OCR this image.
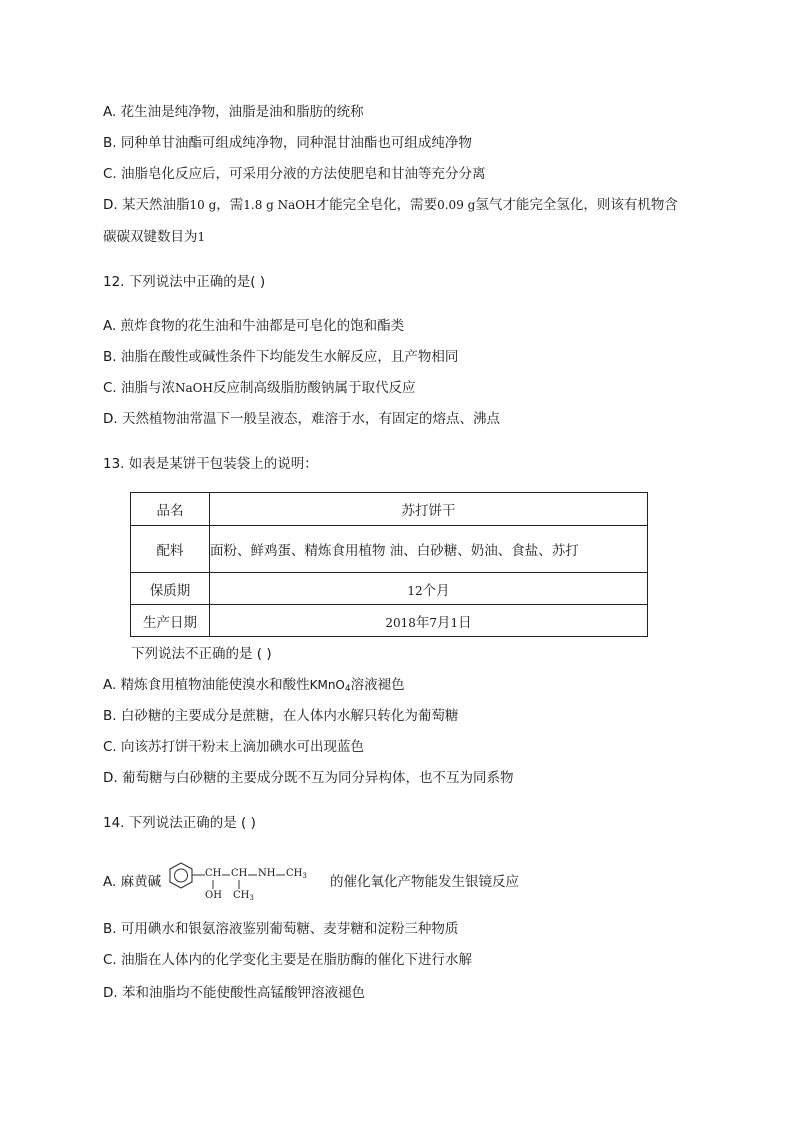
A. 花生油是纯净物，油脂是油和脂肪的统称
B. 同种单甘油酯可组成纯净物，同种混甘油酯也可组成纯净物
C. 油脂皂化反应后，可采用分液的方法使肥皂和甘油等充分分离
D. 某天然油脂10 g，需1.8 g NaOH才能完全皂化，需要0.09 g氢气才能完全氢化，则该有机物含
碳碳双键数目为1
12. 下列说法中正确的是( )
A. 煎炸食物的花生油和牛油都是可皂化的饱和酯类
B. 油脂在酸性或碱性条件下均能发生水解反应，且产物相同
C. 油脂与浓NaOH反应制高级脂肪酸钠属于取代反应
D. 天然植物油常温下一般呈液态，难溶于水，有固定的熔点、沸点
13. 如表是某饼干包装袋上的说明：
品名	苏打饼干
配料	面粉、鲜鸡蛋、精炼食用植物 油、白砂糖、奶油、食盐、苏打
保质期	12个月
生产日期	2018年7月1日
下列说法不正确的是 ( )
A. 精炼食用植物油能使溴水和酸性KMnO$_4$溶液褪色
B. 白砂糖的主要成分是蔗糖，在人体内水解只转化为葡萄糖
C. 向该苏打饼干粉末上滴加碘水可出现蓝色
D. 葡萄糖与白砂糖的主要成分既不互为同分异构体，也不互为同系物
14. 下列说法正确的是 ( )
A. 麻黄碱
CH CH NH $CH_3$
OH $CH_3$
的催化氧化产物能发生银镜反应
B. 可用碘水和银氨溶液鉴别葡萄糖、麦芽糖和淀粉三种物质
C. 油脂在人体内的化学变化主要是在脂肪酶的催化下进行水解
D. 苯和油脂均不能使酸性高锰酸钾溶液褪色
